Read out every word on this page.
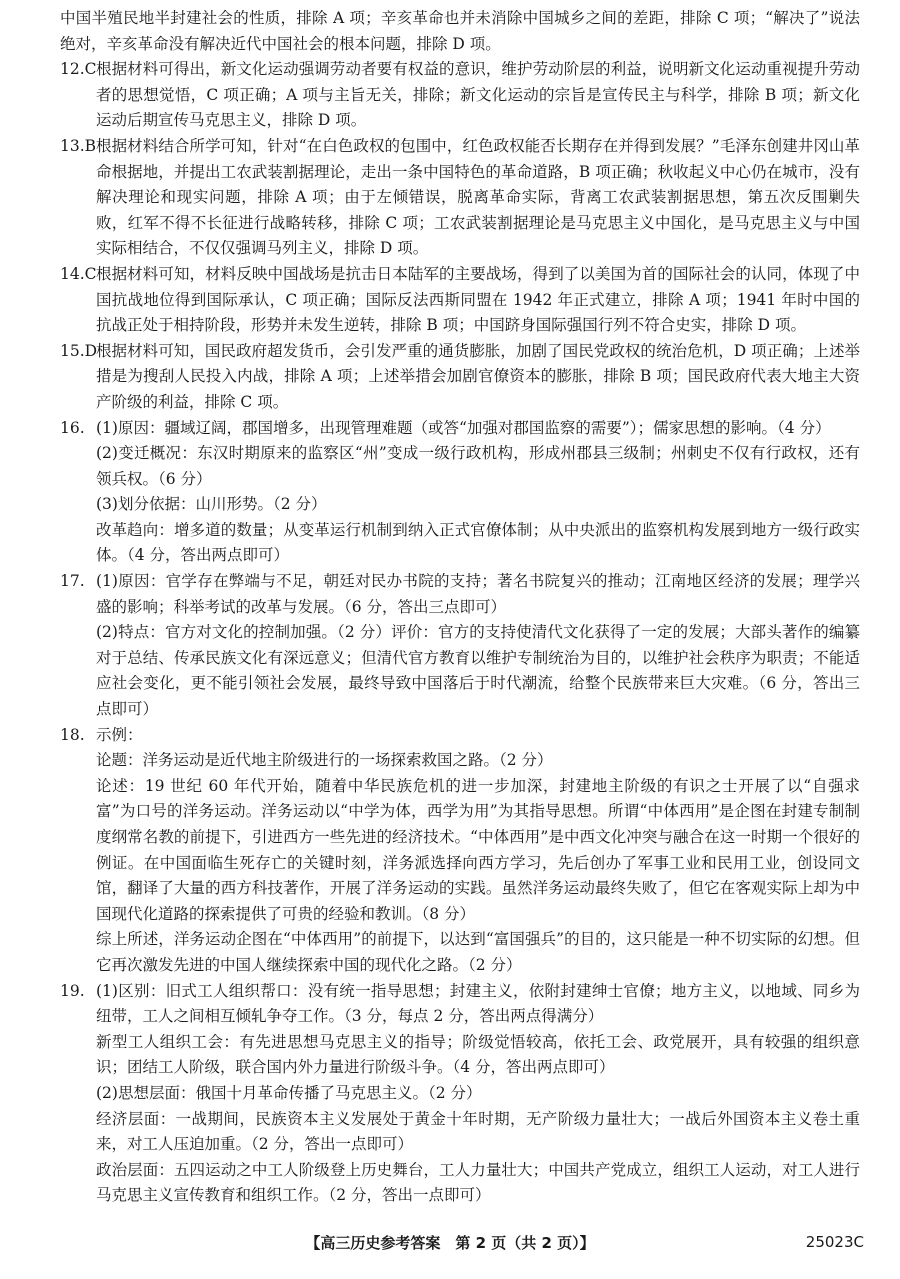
中国半殖民地半封建社会的性质，排除 A 项；辛亥革命也并未消除中国城乡之间的差距，排除 C 项；“解决了”说法绝对，辛亥革命没有解决近代中国社会的根本问题，排除 D 项。

12.C 根据材料可得出，新文化运动强调劳动者要有权益的意识，维护劳动阶层的利益，说明新文化运动重视提升劳动者的思想觉悟，C 项正确；A 项与主旨无关，排除；新文化运动的宗旨是宣传民主与科学，排除 B 项；新文化运动后期宣传马克思主义，排除 D 项。
13.B 根据材料结合所学可知，针对“在白色政权的包围中，红色政权能否长期存在并得到发展？”毛泽东创建井冈山革命根据地，并提出工农武装割据理论，走出一条中国特色的革命道路，B 项正确；秋收起义中心仍在城市，没有解决理论和现实问题，排除 A 项；由于左倾错误，脱离革命实际，背离工农武装割据思想，第五次反围剿失败，红军不得不长征进行战略转移，排除 C 项；工农武装割据理论是马克思主义中国化，是马克思主义与中国实际相结合，不仅仅强调马列主义，排除 D 项。
14.C 根据材料可知，材料反映中国战场是抗击日本陆军的主要战场，得到了以美国为首的国际社会的认同，体现了中国抗战地位得到国际承认，C 项正确；国际反法西斯同盟在 1942 年正式建立，排除 A 项；1941 年时中国的抗战正处于相持阶段，形势并未发生逆转，排除 B 项；中国跻身国际强国行列不符合史实，排除 D 项。
15.D
根据材料可知，国民政府超发货币，会引发严重的通货膨胀，加剧了国民党政权的统治危机，D 项正确；上述举措是为搜刮人民投入内战，排除 A 项；上述举措会加剧官僚资本的膨胀，排除 B 项；国民政府代表大地主大资产阶级的利益，排除 C 项。
16. (1)原因：疆域辽阔，郡国增多，出现管理难题（或答“加强对郡国监察的需要”）；儒家思想的影响。（4 分）
(2)变迁概况：东汉时期原来的监察区“州”变成一级行政机构，形成州郡县三级制；州刺史不仅有行政权，还有领兵权。（6 分）
(3)划分依据：山川形势。（2 分）
改革趋向：增多道的数量；从变革运行机制到纳入正式官僚体制；从中央派出的监察机构发展到地方一级行政实体。（4 分，答出两点即可）
17. (1)原因：官学存在弊端与不足，朝廷对民办书院的支持；著名书院复兴的推动；江南地区经济的发展；理学兴盛的影响；科举考试的改革与发展。（6 分，答出三点即可）
(2)特点：官方对文化的控制加强。（2 分）评价：官方的支持使清代文化获得了一定的发展；大部头著作的编纂对于总结、传承民族文化有深远意义；但清代官方教育以维护专制统治为目的，以维护社会秩序为职责；不能适应社会变化，更不能引领社会发展，最终导致中国落后于时代潮流，给整个民族带来巨大灾难。（6 分，答出三点即可）
18. 示例：
论题：洋务运动是近代地主阶级进行的一场探索救国之路。（2 分）
论述：19 世纪 60 年代开始，随着中华民族危机的进一步加深，封建地主阶级的有识之士开展了以“自强求富”为口号的洋务运动。洋务运动以“中学为体，西学为用”为其指导思想。所谓“中体西用”是企图在封建专制制度纲常名教的前提下，引进西方一些先进的经济技术。“中体西用”是中西文化冲突与融合在这一时期一个很好的例证。在中国面临生死存亡的关键时刻，洋务派选择向西方学习，先后创办了军事工业和民用工业，创设同文馆，翻译了大量的西方科技著作，开展了洋务运动的实践。虽然洋务运动最终失败了，但它在客观实际上却为中国现代化道路的探索提供了可贵的经验和教训。（8 分）
综上所述，洋务运动企图在“中体西用”的前提下，以达到“富国强兵”的目的，这只能是一种不切实际的幻想。但它再次激发先进的中国人继续探索中国的现代化之路。（2 分）
19. (1)区别：旧式工人组织帮口：没有统一指导思想；封建主义，依附封建绅士官僚；地方主义，以地域、同乡为纽带，工人之间相互倾轧争夺工作。（3 分，每点 2 分，答出两点得满分）
新型工人组织工会：有先进思想马克思主义的指导；阶级觉悟较高，依托工会、政党展开，具有较强的组织意识；团结工人阶级，联合国内外力量进行阶级斗争。（4 分，答出两点即可）
(2)思想层面：俄国十月革命传播了马克思主义。（2 分）
经济层面：一战期间，民族资本主义发展处于黄金十年时期，无产阶级力量壮大；一战后外国资本主义卷土重来，对工人压迫加重。（2 分，答出一点即可）
政治层面：五四运动之中工人阶级登上历史舞台，工人力量壮大；中国共产党成立，组织工人运动，对工人进行马克思主义宣传教育和组织工作。（2 分，答出一点即可）
【高三历史参考答案　第 2 页（共 2 页）】	25023C
